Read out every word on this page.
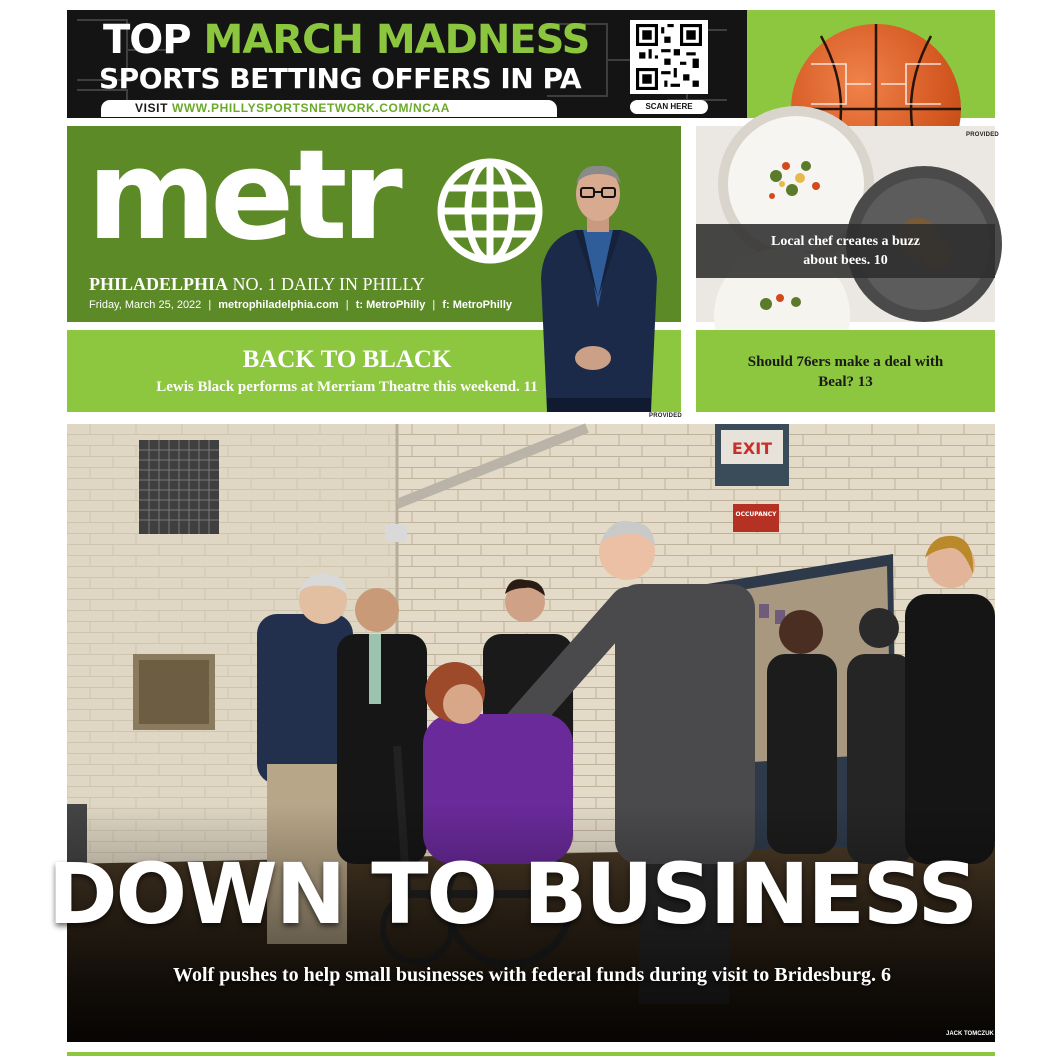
TOP MARCH MADNESS
SPORTS BETTING OFFERS IN PA
VISIT WWW.PHILLYSPORTSNETWORK.COM/NCAA	SCAN HERE
metr
PHILADELPHIA NO. 1 DAILY IN PHILLY
Friday, March 25, 2022 | metrophiladelphia.com | t: MetroPhilly | f: MetroPhilly
BACK TO BLACK
Lewis Black performs at Merriam Theatre this weekend. 11
PROVIDED
PROVIDED
Local chef creates a buzz about bees. 10
Should 76ers make a deal with Beal? 13
EXIT
OCCUPANCY
DOWN TO BUSINESS
Wolf pushes to help small businesses with federal funds during visit to Bridesburg. 6
JACK TOMCZUK
